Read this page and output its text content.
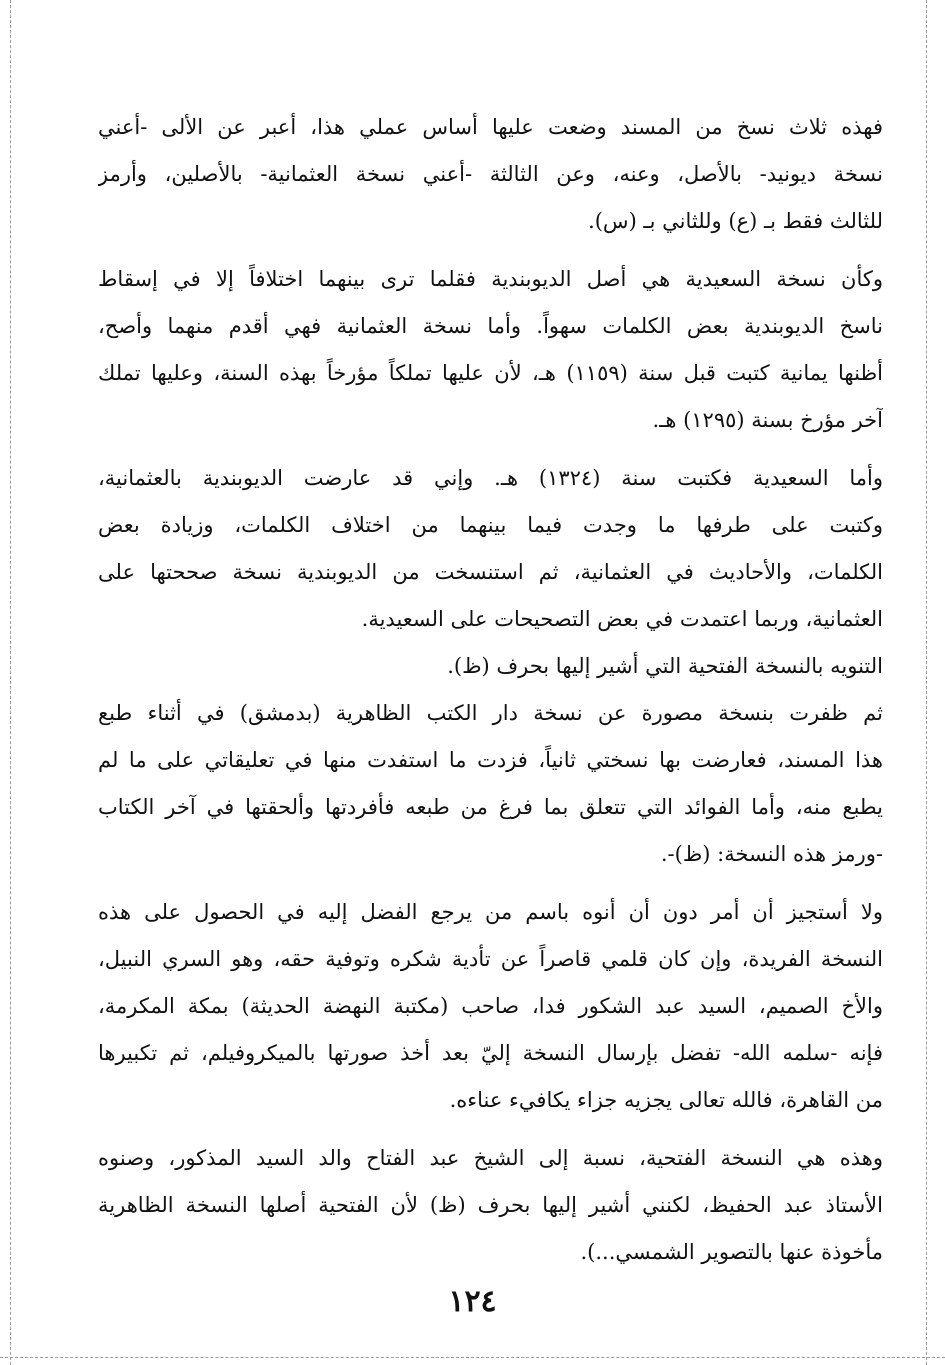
فهذه ثلاث نسخ من المسند وضعت عليها أساس عملي هذا، أعبر عن الألى -أعني
نسخة ديونيد- بالأصل، وعنه، وعن الثالثة -أعني نسخة العثمانية- بالأصلين، وأرمز
للثالث فقط بـ (ع) وللثاني بـ (س).
وكأن نسخة السعيدية هي أصل الديوبندية فقلما ترى بينهما اختلافاً إلا في إسقاط
ناسخ الديوبندية بعض الكلمات سهواً. وأما نسخة العثمانية فهي أقدم منهما وأصح،
أظنها يمانية كتبت قبل سنة (١١٥٩) هـ، لأن عليها تملكاً مؤرخاً بهذه السنة، وعليها تملك
آخر مؤرخ بسنة (١٢٩٥) هـ.
وأما السعيدية فكتبت سنة (١٣٢٤) هـ. وإني قد عارضت الديوبندية بالعثمانية،
وكتبت على طرفها ما وجدت فيما بينهما من اختلاف الكلمات، وزيادة بعض
الكلمات، والأحاديث في العثمانية، ثم استنسخت من الديوبندية نسخة صححتها على
العثمانية، وربما اعتمدت في بعض التصحيحات على السعيدية.
التنويه بالنسخة الفتحية التي أشير إليها بحرف (ظ).
ثم ظفرت بنسخة مصورة عن نسخة دار الكتب الظاهرية (بدمشق) في أثناء طبع
هذا المسند، فعارضت بها نسختي ثانياً، فزدت ما استفدت منها في تعليقاتي على ما لم
يطبع منه، وأما الفوائد التي تتعلق بما فرغ من طبعه فأفردتها وألحقتها في آخر الكتاب
-ورمز هذه النسخة: (ظ)-.
ولا أستجيز أن أمر دون أن أنوه باسم من يرجع الفضل إليه في الحصول على هذه
النسخة الفريدة، وإن كان قلمي قاصراً عن تأدية شكره وتوفية حقه، وهو السري النبيل،
والأخ الصميم، السيد عبد الشكور فدا، صاحب (مكتبة النهضة الحديثة) بمكة المكرمة،
فإنه -سلمه الله- تفضل بإرسال النسخة إليّ بعد أخذ صورتها بالميكروفيلم، ثم تكبيرها
من القاهرة، فالله تعالى يجزيه جزاء يكافيء عناءه.
وهذه هي النسخة الفتحية، نسبة إلى الشيخ عبد الفتاح والد السيد المذكور، وصنوه
الأستاذ عبد الحفيظ، لكنني أشير إليها بحرف (ظ) لأن الفتحية أصلها النسخة الظاهرية
مأخوذة عنها بالتصوير الشمسي...).
١٢٤
